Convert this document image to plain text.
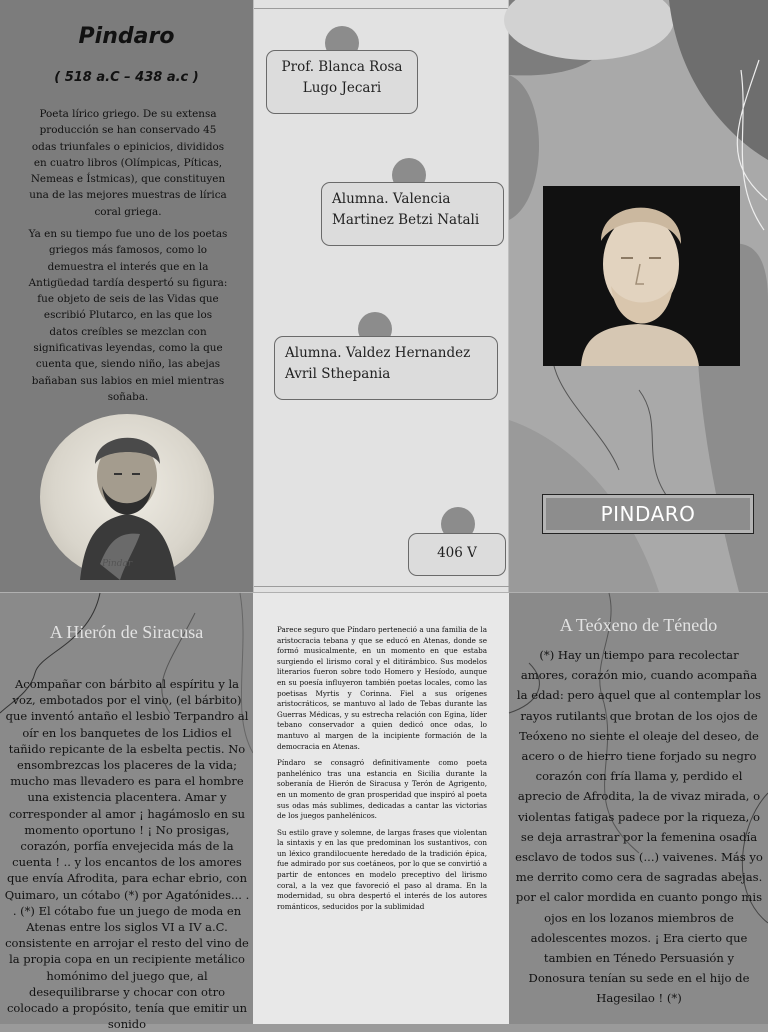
Pindaro
( 518 a.C – 438 a.c )

Poeta lírico griego. De su extensa producción se han conservado 45 odas triunfales o epinicios, divididos en cuatro libros (Olímpicas, Píticas, Nemeas e Ístmicas), que constituyen una de las mejores muestras de lírica coral griega.

Ya en su tiempo fue uno de los poetas griegos más famosos, como lo demuestra el interés que en la Antigüedad tardía despertó su figura: fue objeto de seis de las Vidas que escribió Plutarco, en las que los datos creíbles se mezclan con significativas leyendas, como la que cuenta que, siendo niño, las abejas bañaban sus labios en miel mientras soñaba.

Pindar
Prof. Blanca Rosa Lugo Jecari
Alumna. Valencia Martinez Betzi Natali
Alumna. Valdez Hernandez Avril Sthepania
406 V
PINDARO
A Hierón de Siracusa

Acompañar con bárbito al espíritu y la voz, embotados por el vino, (el bárbito) que inventó antaño el lesbio Terpandro al oír en los banquetes de los Lidios el tañido repicante de la esbelta pectis. No ensombrezcas los placeres de la vida; mucho mas llevadero es para el hombre una existencia placentera. Amar y corresponder al amor ¡ hagámoslo en su momento oportuno ! ¡ No prosigas, corazón, porfía envejecida más de la cuenta ! .. y los encantos de los amores que envía Afrodita, para echar ebrio, con Quimaro, un cótabo (*) por Agatónides... . . (*) El cótabo fue un juego de moda en Atenas entre los siglos VI a IV a.C. consistente en arrojar el resto del vino de la propia copa en un recipiente metálico homónimo del juego que, al desequilibrarse y chocar con otro colocado a propósito, tenía que emitir un sonido

Parece seguro que Píndaro perteneció a una familia de la aristocracia tebana y que se educó en Atenas, donde se formó musicalmente, en un momento en que estaba surgiendo el lirismo coral y el ditirámbico. Sus modelos literarios fueron sobre todo Homero y Hesíodo, aunque en su poesía influyeron también poetas locales, como las poetisas Myrtis y Corinna. Fiel a sus orígenes aristocráticos, se mantuvo al lado de Tebas durante las Guerras Médicas, y su estrecha relación con Egina, líder tebano conservador a quien dedicó once odas, lo mantuvo al margen de la incipiente formación de la democracia en Atenas.

Píndaro se consagró definitivamente como poeta panhelénico tras una estancia en Sicilia durante la soberanía de Hierón de Siracusa y Terón de Agrigento, en un momento de gran prosperidad que inspiró al poeta sus odas más sublimes, dedicadas a cantar las victorias de los juegos panhelénicos.

Su estilo grave y solemne, de largas frases que violentan la sintaxis y en las que predominan los sustantivos, con un léxico grandilocuente heredado de la tradición épica, fue admirado por sus coetáneos, por lo que se convirtió a partir de entonces en modelo preceptivo del lirismo coral, a la vez que favoreció el paso al drama. En la modernidad, su obra despertó el interés de los autores románticos, seducidos por la sublimidad

A Teóxeno de Ténedo

(*) Hay un tiempo para recolectar amores, corazón mio, cuando acompaña la edad: pero aquel que al contemplar los rayos rutilants que brotan de los ojos de Teóxeno no siente el oleaje del deseo, de acero o de hierro tiene forjado su negro corazón con fría llama y, perdido el aprecio de Afrodita, la de vivaz mirada, o violentas fatigas padece por la riqueza, o se deja arrastrar por la femenina osadía esclavo de todos sus (...) vaivenes. Más yo me derrito como cera de sagradas abejas. por el calor mordida en cuanto pongo mis ojos en los lozanos miembros de adolescentes mozos. ¡ Era cierto que tambien en Ténedo Persuasión y Donosura tenían su sede en el hijo de Hagesilao ! (*)
